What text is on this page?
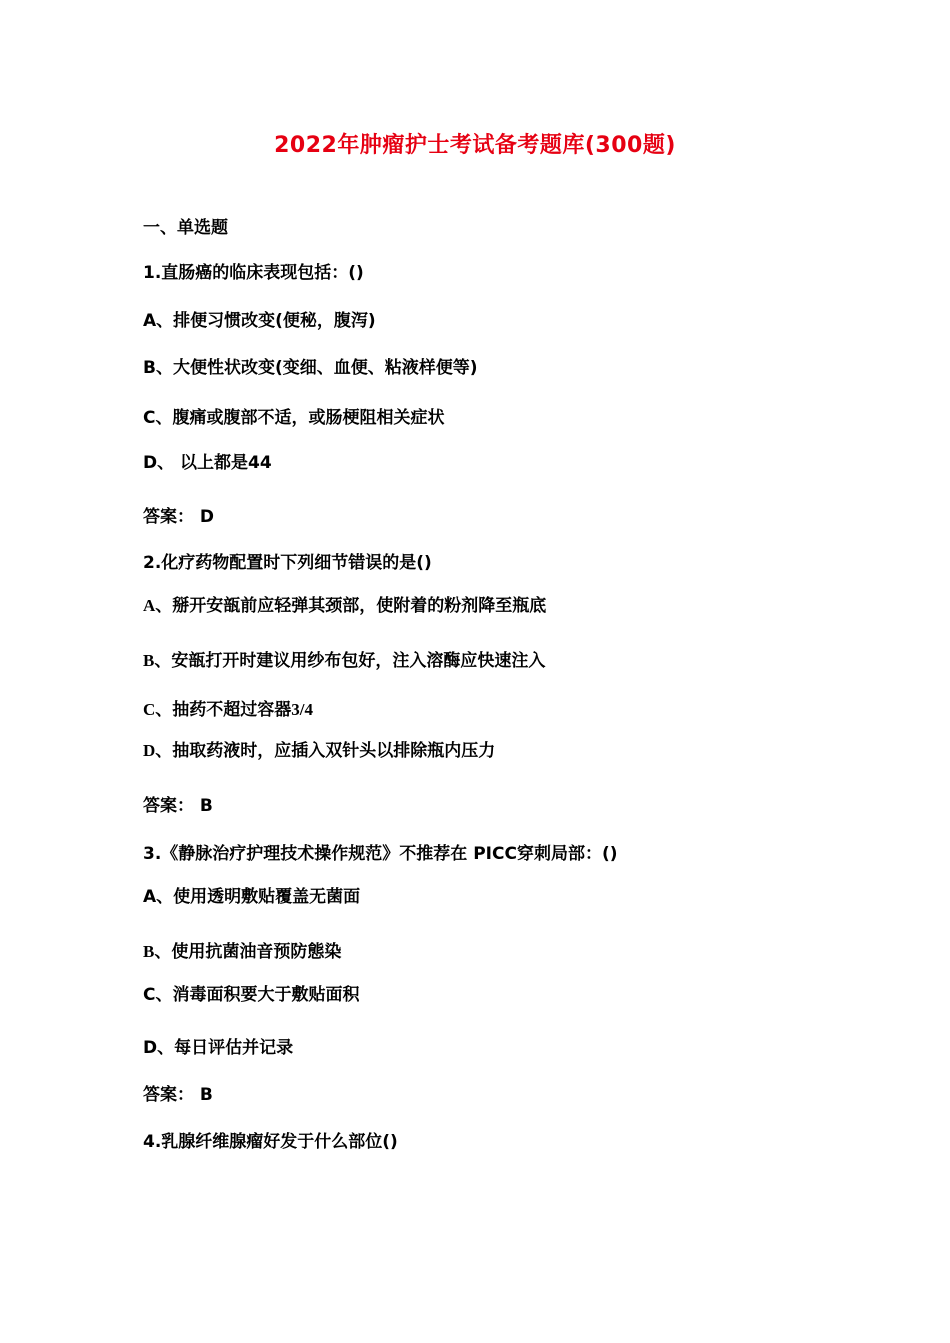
2022年肿瘤护士考试备考题库(300题)
一、单选题
1.直肠癌的临床表现包括：()
A、排便习惯改变(便秘，腹泻)
B、大便性状改变(变细、血便、粘液样便等)
C、腹痛或腹部不适，或肠梗阻相关症状
D、 以上都是44
答案： D
2.化疗药物配置时下列细节错误的是()
A、掰开安瓿前应轻弹其颈部，使附着的粉剂降至瓶底
B、安瓿打开时建议用纱布包好，注入溶酶应快速注入
C、抽药不超过容器3/4
D、抽取药液时，应插入双针头以排除瓶内压力
答案： B
3.《静脉治疗护理技术操作规范》不推荐在 PICC穿刺局部：()
A、使用透明敷贴覆盖无菌面
B、使用抗菌油音预防態染
C、消毒面积要大于敷贴面积
D、每日评估并记录
答案： B
4.乳腺纤维腺瘤好发于什么部位()
